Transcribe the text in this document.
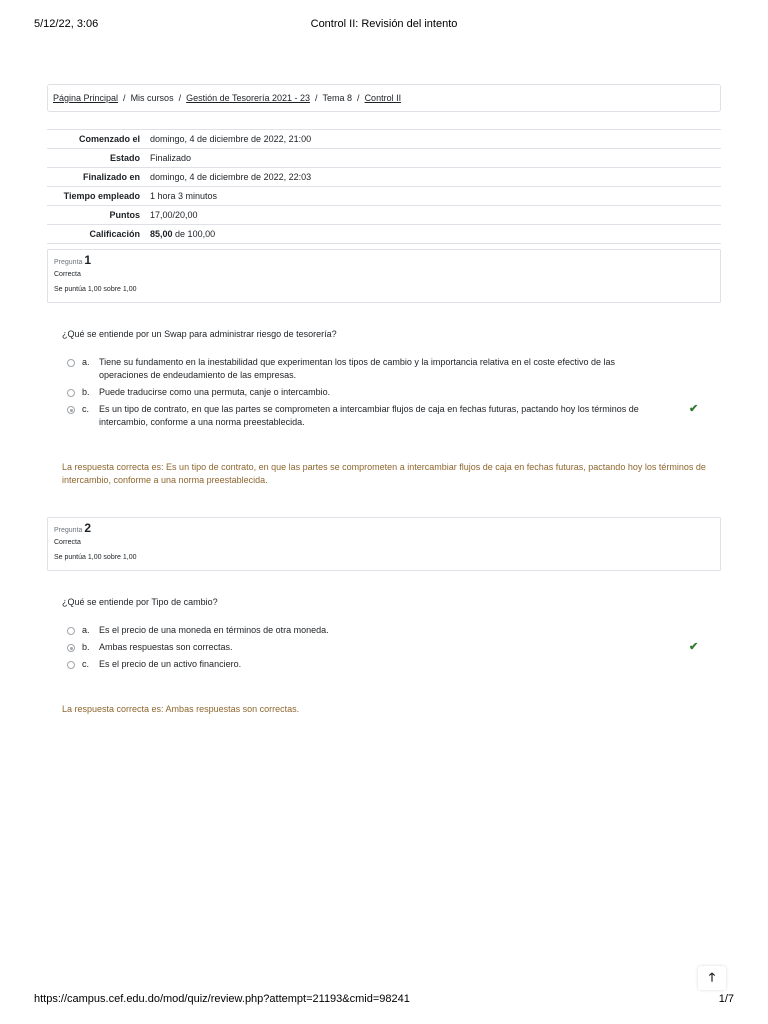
5/12/22, 3:06	Control II: Revisión del intento
Página Principal / Mis cursos / Gestión de Tesorería 2021 - 23 / Tema 8 / Control II
Comenzado el	domingo, 4 de diciembre de 2022, 21:00
Estado	Finalizado
Finalizado en	domingo, 4 de diciembre de 2022, 22:03
Tiempo empleado	1 hora 3 minutos
Puntos	17,00/20,00
Calificación	85,00 de 100,00
Pregunta 1
Correcta
Se puntúa 1,00 sobre 1,00
¿Qué se entiende por un Swap para administrar riesgo de tesorería?
a.	Tiene su fundamento en la inestabilidad que experimentan los tipos de cambio y la importancia relativa en el coste efectivo de las operaciones de endeudamiento de las empresas.
b.	Puede traducirse como una permuta, canje o intercambio.
c.	Es un tipo de contrato, en que las partes se comprometen a intercambiar flujos de caja en fechas futuras, pactando hoy los términos de intercambio, conforme a una norma preestablecida.
✔
La respuesta correcta es: Es un tipo de contrato, en que las partes se comprometen a intercambiar flujos de caja en fechas futuras, pactando hoy los términos de intercambio, conforme a una norma preestablecida.
Pregunta 2
Correcta
Se puntúa 1,00 sobre 1,00
¿Qué se entiende por Tipo de cambio?
a.	Es el precio de una moneda en términos de otra moneda.
b.	Ambas respuestas son correctas.	✔
c.	Es el precio de un activo financiero.
La respuesta correcta es: Ambas respuestas son correctas.
🡑
https://campus.cef.edu.do/mod/quiz/review.php?attempt=21193&cmid=98241	1/7
